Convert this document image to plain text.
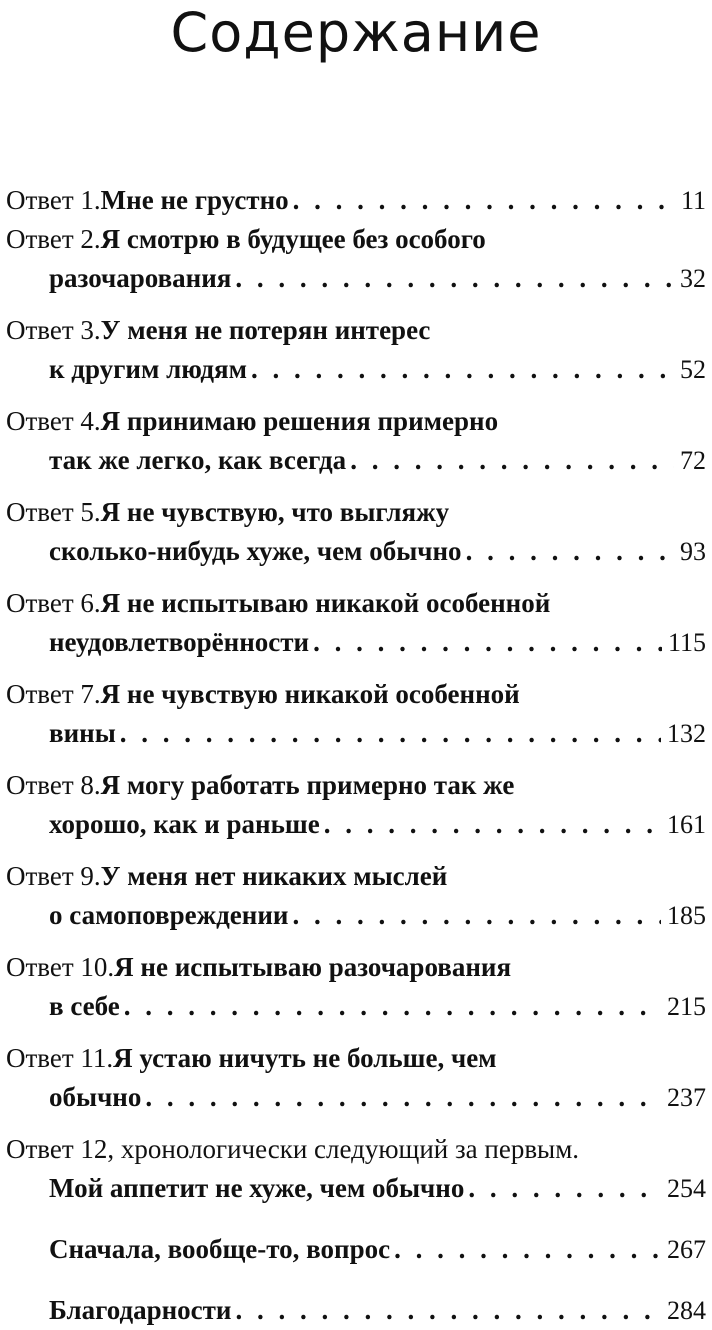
Содержание
Ответ 1. Мне не грустно . . .	11
Ответ 2. Я смотрю в будущее без особого
разочарования . . .	32
Ответ 3. У меня не потерян интерес
к другим людям . . .	52
Ответ 4. Я принимаю решения примерно
так же легко, как всегда . . .	72
Ответ 5. Я не чувствую, что выгляжу
сколько-нибудь хуже, чем обычно . . .	93
Ответ 6. Я не испытываю никакой особенной
неудовлетворённости . . .	115
Ответ 7. Я не чувствую никакой особенной
вины . . .	132
Ответ 8. Я могу работать примерно так же
хорошо, как и раньше . . .	161
Ответ 9. У меня нет никаких мыслей
о самоповреждении . . .	185
Ответ 10. Я не испытываю разочарования
в себе . . .	215
Ответ 11. Я устаю ничуть не больше, чем
обычно . . .	237
Ответ 12, хронологически следующий за первым.
Мой аппетит не хуже, чем обычно . . .	254
Сначала, вообще-то, вопрос . . .	267
Благодарности . . .	284
